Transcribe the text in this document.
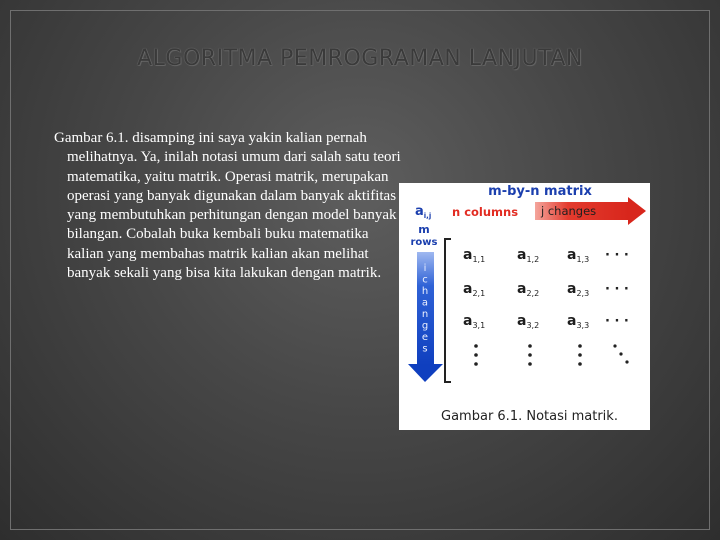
ALGORITMA PEMROGRAMAN LANJUTAN
Gambar 6.1. disamping ini saya yakin kalian pernah melihatnya. Ya, inilah notasi umum dari salah satu teori matematika, yaitu matrik. Operasi matrik, merupakan operasi yang banyak digunakan dalam banyak aktifitas yang membutuhkan perhitungan dengan model banyak bilangan. Cobalah buka kembali buku matematika kalian yang membahas matrik kalian akan melihat banyak sekali yang bisa kita lakukan dengan matrik.
m-by-n matrix
$a_{i,j}$ n columns j changes
m
rows
i
c
h
a
n
g
e
s
a1,1 a1,2 a1,3
a2,1 a2,2 a2,3
a3,1 a3,2 a3,3
· · ·
· · ·
· · ·
Gambar 6.1. Notasi matrik.
